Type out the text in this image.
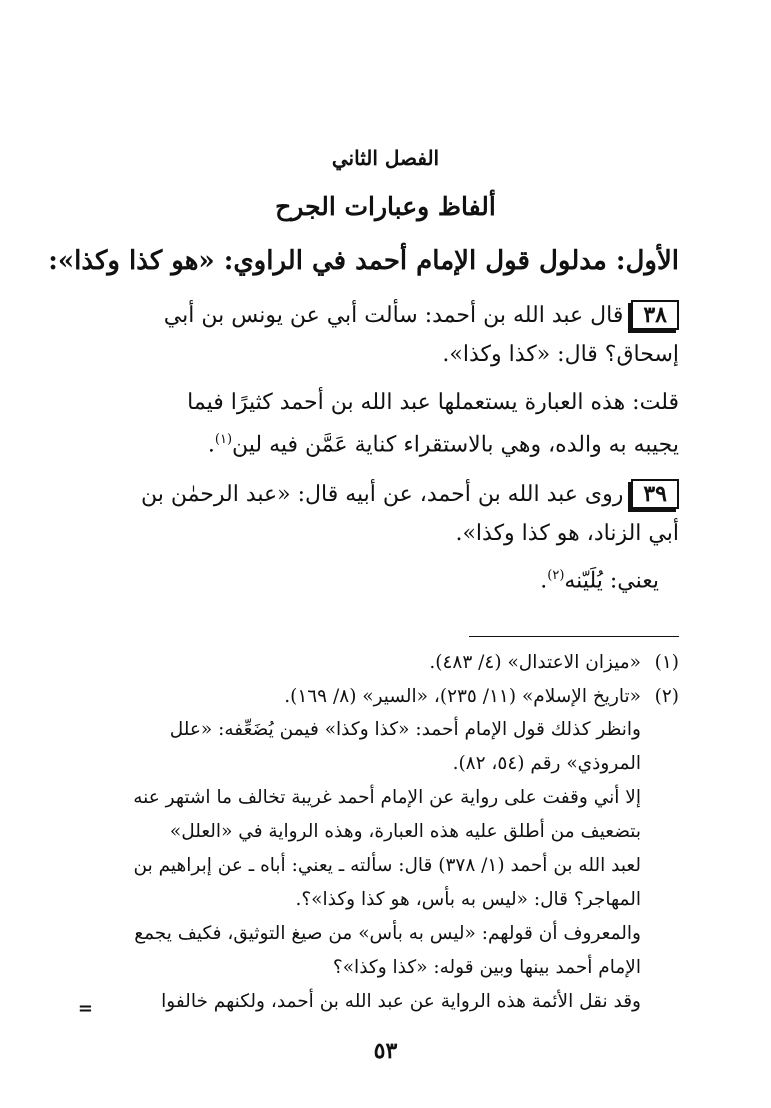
الفصل الثاني
ألفاظ وعبارات الجرح
الأول: مدلول قول الإمام أحمد في الراوي: «هو كذا وكذا»:
٣٨قال عبد الله بن أحمد: سألت أبي عن يونس بن أبي
إسحاق؟ قال: «كذا وكذا».
قلت: هذه العبارة يستعملها عبد الله بن أحمد كثيرًا فيما
يجيبه به والده، وهي بالاستقراء كناية عَمَّن فيه لين$^{(١)}$.
٣٩روى عبد الله بن أحمد، عن أبيه قال: «عبد الرحمٰن بن
أبي الزناد، هو كذا وكذا».
يعني: يُلَيّنه$^{(٢)}$.
(١)
«ميزان الاعتدال» (٤/ ٤٨٣).
(٢)
«تاريخ الإسلام» (١١/ ٢٣٥)، «السير» (٨/ ١٦٩).
وانظر كذلك قول الإمام أحمد: «كذا وكذا» فيمن يُضَعِّفه: «علل
المروذي» رقم (٥٤، ٨٢).
إلا أني وقفت على رواية عن الإمام أحمد غريبة تخالف ما اشتهر عنه
بتضعيف من أطلق عليه هذه العبارة، وهذه الرواية في «العلل»
لعبد الله بن أحمد (١/ ٣٧٨) قال: سألته ـ يعني: أباه ـ عن إبراهيم بن
المهاجر؟ قال: «ليس به بأس، هو كذا وكذا»؟.
والمعروف أن قولهم: «ليس به بأس» من صيغ التوثيق، فكيف يجمع
الإمام أحمد بينها وبين قوله: «كذا وكذا»؟
وقد نقل الأئمة هذه الرواية عن عبد الله بن أحمد، ولكنهم خالفوا
=
٥٣
